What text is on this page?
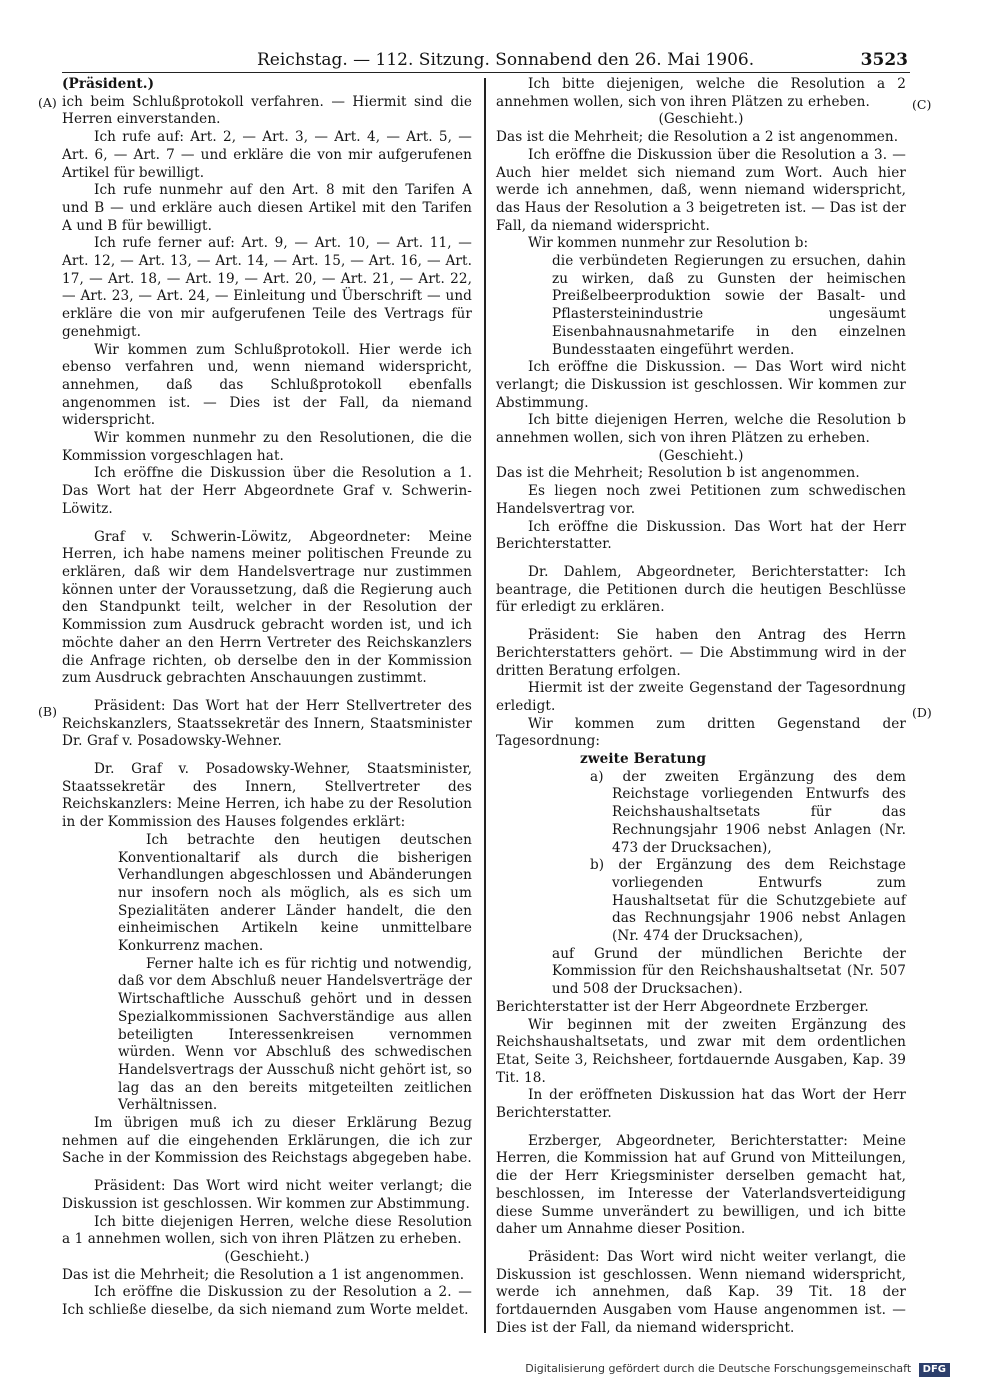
Reichstag. — 112. Sitzung. Sonnabend den 26. Mai 1906.	3523
(A)
(B)
(C)
(D)

(Präsident.)

ich beim Schlußprotokoll verfahren. — Hiermit sind die Herren einverstanden.

Ich rufe auf: Art. 2, — Art. 3, — Art. 4, — Art. 5, — Art. 6, — Art. 7 — und erkläre die von mir aufgerufenen Artikel für bewilligt.

Ich rufe nunmehr auf den Art. 8 mit den Tarifen A und B — und erkläre auch diesen Artikel mit den Tarifen A und B für bewilligt.

Ich rufe ferner auf: Art. 9, — Art. 10, — Art. 11, — Art. 12, — Art. 13, — Art. 14, — Art. 15, — Art. 16, — Art. 17, — Art. 18, — Art. 19, — Art. 20, — Art. 21, — Art. 22, — Art. 23, — Art. 24, — Einleitung und Überschrift — und erkläre die von mir aufgerufenen Teile des Vertrags für genehmigt.

Wir kommen zum Schlußprotokoll. Hier werde ich ebenso verfahren und, wenn niemand widerspricht, annehmen, daß das Schlußprotokoll ebenfalls angenommen ist. — Dies ist der Fall, da niemand widerspricht.

Wir kommen nunmehr zu den Resolutionen, die die Kommission vorgeschlagen hat.

Ich eröffne die Diskussion über die Resolution a 1. Das Wort hat der Herr Abgeordnete Graf v. Schwerin-Löwitz.

Graf v. Schwerin-Löwitz, Abgeordneter: Meine Herren, ich habe namens meiner politischen Freunde zu erklären, daß wir dem Handelsvertrage nur zustimmen können unter der Voraussetzung, daß die Regierung auch den Standpunkt teilt, welcher in der Resolution der Kommission zum Ausdruck gebracht worden ist, und ich möchte daher an den Herrn Vertreter des Reichskanzlers die Anfrage richten, ob derselbe den in der Kommission zum Ausdruck gebrachten Anschauungen zustimmt.

Präsident: Das Wort hat der Herr Stellvertreter des Reichskanzlers, Staatssekretär des Innern, Staatsminister Dr. Graf v. Posadowsky-Wehner.

Dr. Graf v. Posadowsky-Wehner, Staatsminister, Staatssekretär des Innern, Stellvertreter des Reichskanzlers: Meine Herren, ich habe zu der Resolution in der Kommission des Hauses folgendes erklärt:

Ich betrachte den heutigen deutschen Konventionaltarif als durch die bisherigen Verhandlungen abgeschlossen und Abänderungen nur insofern noch als möglich, als es sich um Spezialitäten anderer Länder handelt, die den einheimischen Artikeln keine unmittelbare Konkurrenz machen.

Ferner halte ich es für richtig und notwendig, daß vor dem Abschluß neuer Handelsverträge der Wirtschaftliche Ausschuß gehört und in dessen Spezialkommissionen Sachverständige aus allen beteiligten Interessenkreisen vernommen würden. Wenn vor Abschluß des schwedischen Handelsvertrags der Ausschuß nicht gehört ist, so lag das an den bereits mitgeteilten zeitlichen Verhältnissen.

Im übrigen muß ich zu dieser Erklärung Bezug nehmen auf die eingehenden Erklärungen, die ich zur Sache in der Kommission des Reichstags abgegeben habe.

Präsident: Das Wort wird nicht weiter verlangt; die Diskussion ist geschlossen. Wir kommen zur Abstimmung.

Ich bitte diejenigen Herren, welche diese Resolution a 1 annehmen wollen, sich von ihren Plätzen zu erheben.

(Geschieht.)

Das ist die Mehrheit; die Resolution a 1 ist angenommen.

Ich eröffne die Diskussion zu der Resolution a 2. — Ich schließe dieselbe, da sich niemand zum Worte meldet.

Ich bitte diejenigen, welche die Resolution a 2 annehmen wollen, sich von ihren Plätzen zu erheben.

(Geschieht.)

Das ist die Mehrheit; die Resolution a 2 ist angenommen.

Ich eröffne die Diskussion über die Resolution a 3. — Auch hier meldet sich niemand zum Wort. Auch hier werde ich annehmen, daß, wenn niemand widerspricht, das Haus der Resolution a 3 beigetreten ist. — Das ist der Fall, da niemand widerspricht.

Wir kommen nunmehr zur Resolution b:

die verbündeten Regierungen zu ersuchen, dahin zu wirken, daß zu Gunsten der heimischen Preißelbeerproduktion sowie der Basalt- und Pflastersteinindustrie ungesäumt Eisenbahnausnahmetarife in den einzelnen Bundesstaaten eingeführt werden.

Ich eröffne die Diskussion. — Das Wort wird nicht verlangt; die Diskussion ist geschlossen. Wir kommen zur Abstimmung.

Ich bitte diejenigen Herren, welche die Resolution b annehmen wollen, sich von ihren Plätzen zu erheben.

(Geschieht.)

Das ist die Mehrheit; Resolution b ist angenommen.

Es liegen noch zwei Petitionen zum schwedischen Handelsvertrag vor.

Ich eröffne die Diskussion. Das Wort hat der Herr Berichterstatter.

Dr. Dahlem, Abgeordneter, Berichterstatter: Ich beantrage, die Petitionen durch die heutigen Beschlüsse für erledigt zu erklären.

Präsident: Sie haben den Antrag des Herrn Berichterstatters gehört. — Die Abstimmung wird in der dritten Beratung erfolgen.

Hiermit ist der zweite Gegenstand der Tagesordnung erledigt.

Wir kommen zum dritten Gegenstand der Tagesordnung:

zweite Beratung

a) der zweiten Ergänzung des dem Reichstage vorliegenden Entwurfs des Reichshaushaltsetats für das Rechnungsjahr 1906 nebst Anlagen (Nr. 473 der Drucksachen),

b) der Ergänzung des dem Reichstage vorliegenden Entwurfs zum Haushaltsetat für die Schutzgebiete auf das Rechnungsjahr 1906 nebst Anlagen (Nr. 474 der Drucksachen),

auf Grund der mündlichen Berichte der Kommission für den Reichshaushaltsetat (Nr. 507 und 508 der Drucksachen).

Berichterstatter ist der Herr Abgeordnete Erzberger.

Wir beginnen mit der zweiten Ergänzung des Reichshaushaltsetats, und zwar mit dem ordentlichen Etat, Seite 3, Reichsheer, fortdauernde Ausgaben, Kap. 39 Tit. 18.

In der eröffneten Diskussion hat das Wort der Herr Berichterstatter.

Erzberger, Abgeordneter, Berichterstatter: Meine Herren, die Kommission hat auf Grund von Mitteilungen, die der Herr Kriegsminister derselben gemacht hat, beschlossen, im Interesse der Vaterlandsverteidigung diese Summe unverändert zu bewilligen, und ich bitte daher um Annahme dieser Position.

Präsident: Das Wort wird nicht weiter verlangt, die Diskussion ist geschlossen. Wenn niemand widerspricht, werde ich annehmen, daß Kap. 39 Tit. 18 der fortdauernden Ausgaben vom Hause angenommen ist. — Dies ist der Fall, da niemand widerspricht.

Digitalisierung gefördert durch die Deutsche Forschungsgemeinschaft DFG
